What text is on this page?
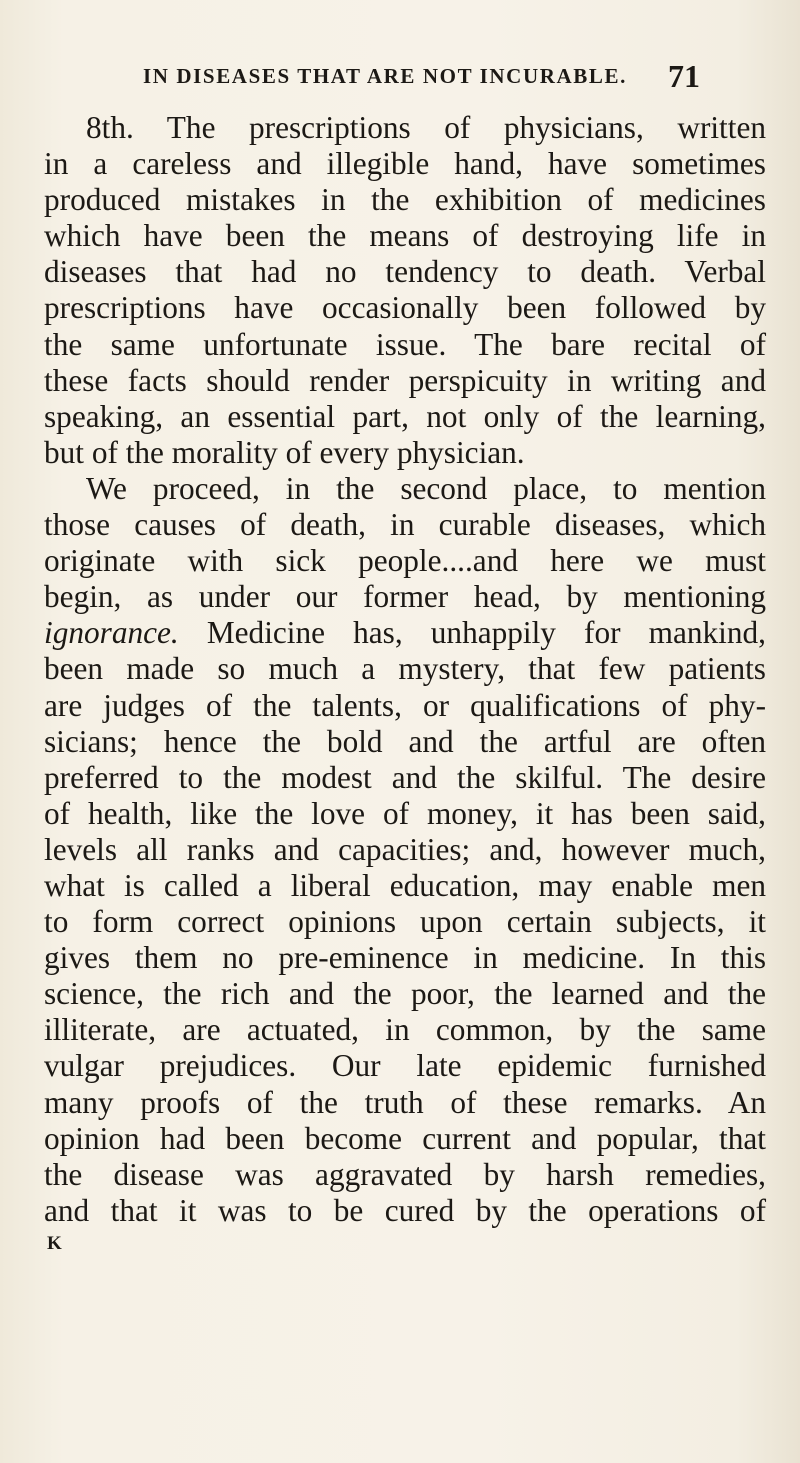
IN DISEASES THAT ARE NOT INCURABLE. 71
8th. The prescriptions of physicians, written
in a careless and illegible hand, have sometimes
produced mistakes in the exhibition of medicines
which have been the means of destroying life in
diseases that had no tendency to death. Verbal
prescriptions have occasionally been followed by
the same unfortunate issue. The bare recital of
these facts should render perspicuity in writing and
speaking, an essential part, not only of the learning,
but of the morality of every physician.
We proceed, in the second place, to mention
those causes of death, in curable diseases, which
originate with sick people....and here we must
begin, as under our former head, by mentioning
ignorance. Medicine has, unhappily for mankind,
been made so much a mystery, that few patients
are judges of the talents, or qualifications of phy-
sicians; hence the bold and the artful are often
preferred to the modest and the skilful. The desire
of health, like the love of money, it has been said,
levels all ranks and capacities; and, however much,
what is called a liberal education, may enable men
to form correct opinions upon certain subjects, it
gives them no pre-eminence in medicine. In this
science, the rich and the poor, the learned and the
illiterate, are actuated, in common, by the same
vulgar prejudices. Our late epidemic furnished
many proofs of the truth of these remarks. An
opinion had been become current and popular, that
the disease was aggravated by harsh remedies,
and that it was to be cured by the operations of
K
